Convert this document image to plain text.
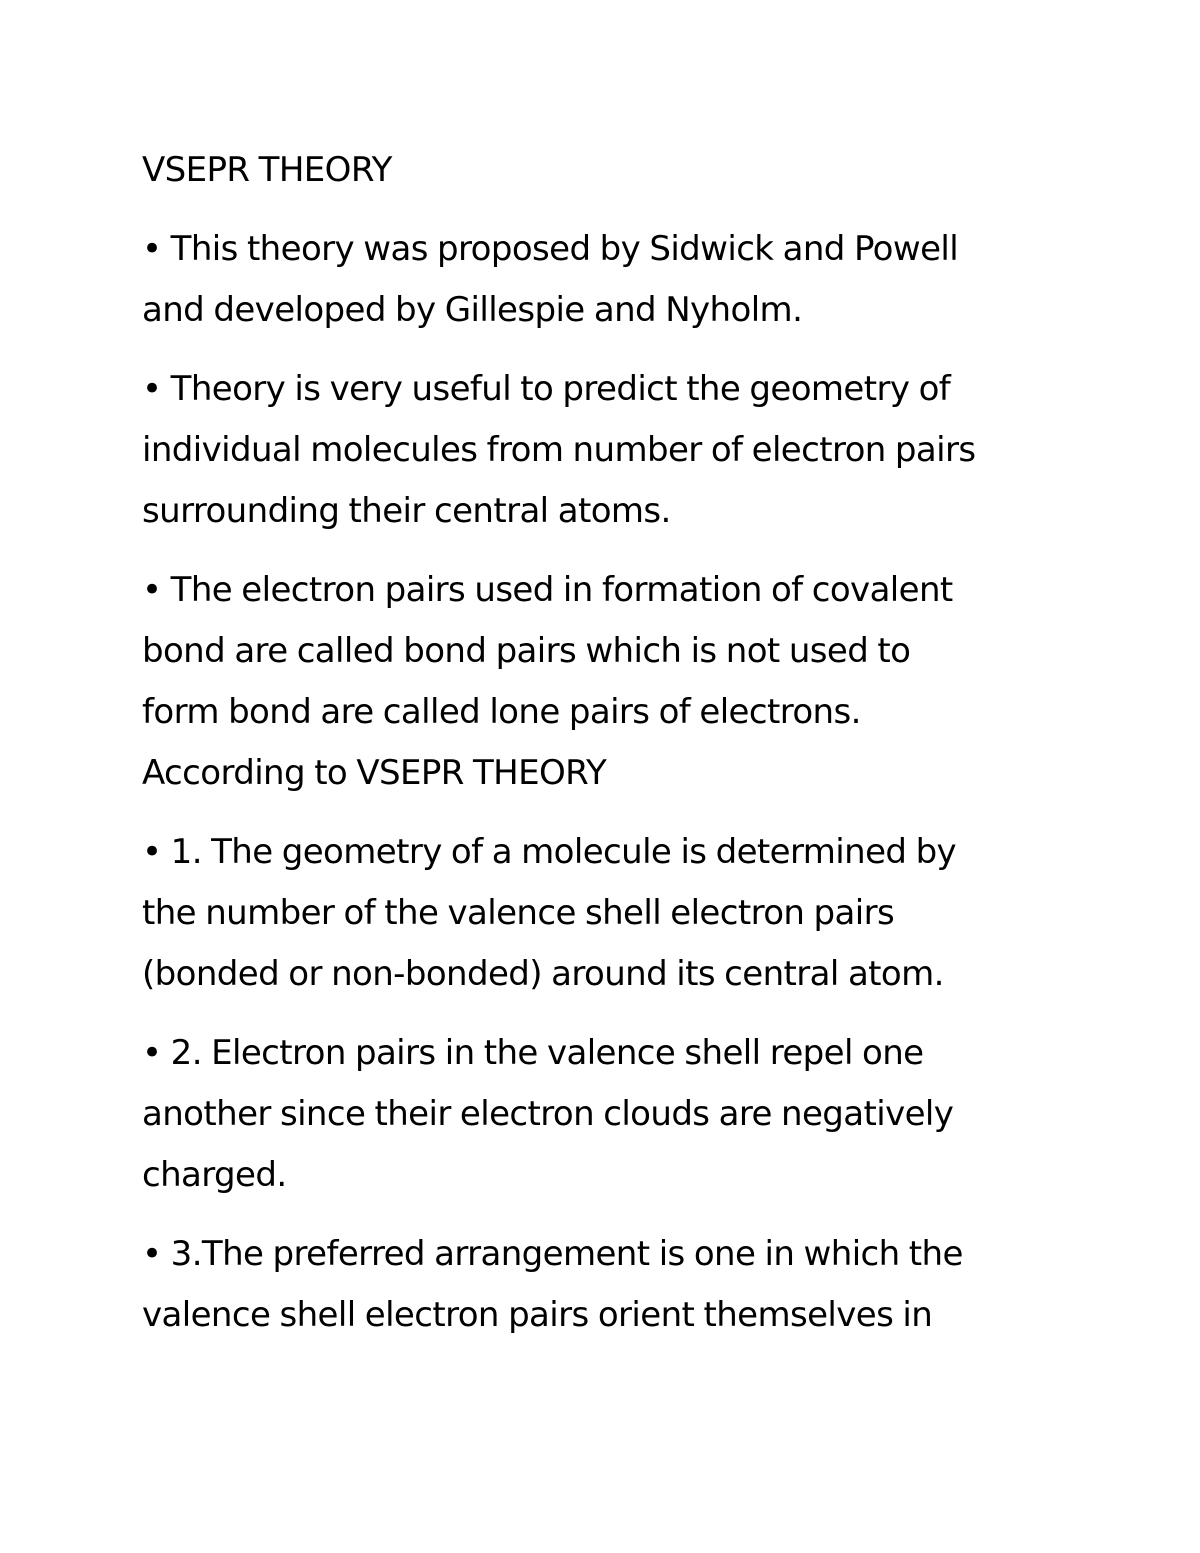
VSEPR THEORY

• This theory was proposed by Sidwick and Powell
and developed by Gillespie and Nyholm.

• Theory is very useful to predict the geometry of
individual molecules from number of electron pairs
surrounding their central atoms.

• The electron pairs used in formation of covalent
bond are called bond pairs which is not used to
form bond are called lone pairs of electrons.

According to VSEPR THEORY

• 1. The geometry of a molecule is determined by
the number of the valence shell electron pairs
(bonded or non-bonded) around its central atom.

• 2. Electron pairs in the valence shell repel one
another since their electron clouds are negatively
charged.

• 3.The preferred arrangement is one in which the
valence shell electron pairs orient themselves in
